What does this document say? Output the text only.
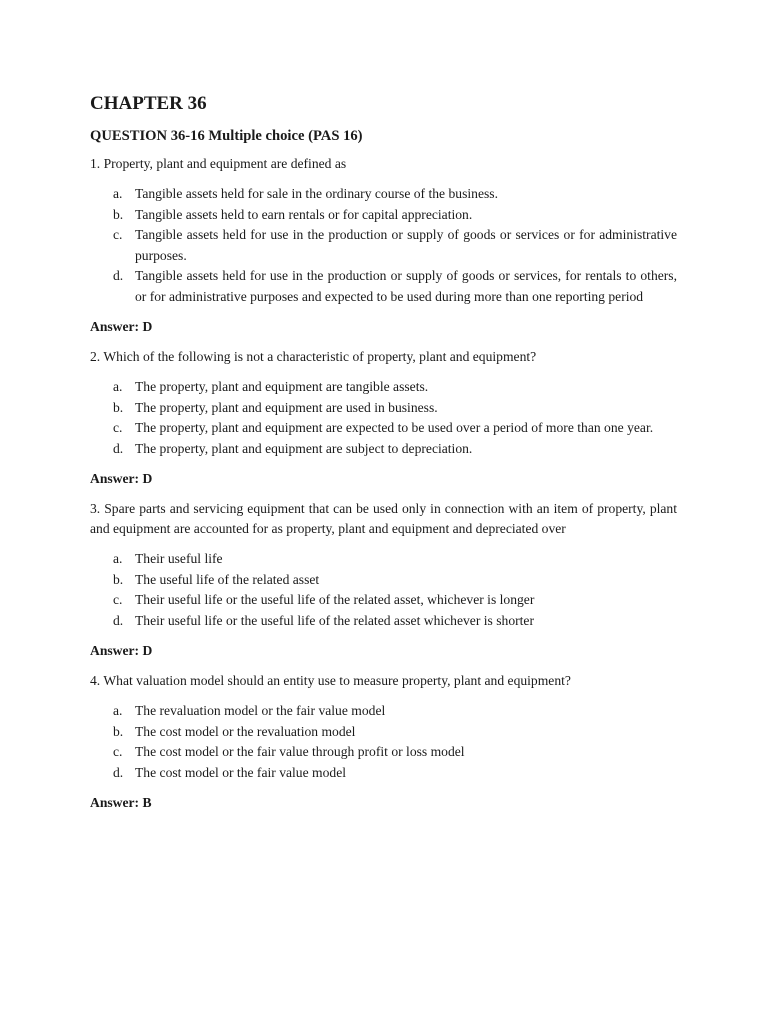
CHAPTER 36
QUESTION 36-16 Multiple choice (PAS 16)

1. Property, plant and equipment are defined as

a. Tangible assets held for sale in the ordinary course of the business.
b. Tangible assets held to earn rentals or for capital appreciation.
c. Tangible assets held for use in the production or supply of goods or services or for administrative purposes.
d. Tangible assets held for use in the production or supply of goods or services, for rentals to others, or for administrative purposes and expected to be used during more than one reporting period

Answer: D

2. Which of the following is not a characteristic of property, plant and equipment?

a. The property, plant and equipment are tangible assets.
b. The property, plant and equipment are used in business.
c. The property, plant and equipment are expected to be used over a period of more than one year.
d. The property, plant and equipment are subject to depreciation.

Answer: D

3. Spare parts and servicing equipment that can be used only in connection with an item of property, plant and equipment are accounted for as property, plant and equipment and depreciated over

a. Their useful life
b. The useful life of the related asset
c. Their useful life or the useful life of the related asset, whichever is longer
d. Their useful life or the useful life of the related asset whichever is shorter

Answer: D

4. What valuation model should an entity use to measure property, plant and equipment?

a. The revaluation model or the fair value model
b. The cost model or the revaluation model
c. The cost model or the fair value through profit or loss model
d. The cost model or the fair value model

Answer: B
